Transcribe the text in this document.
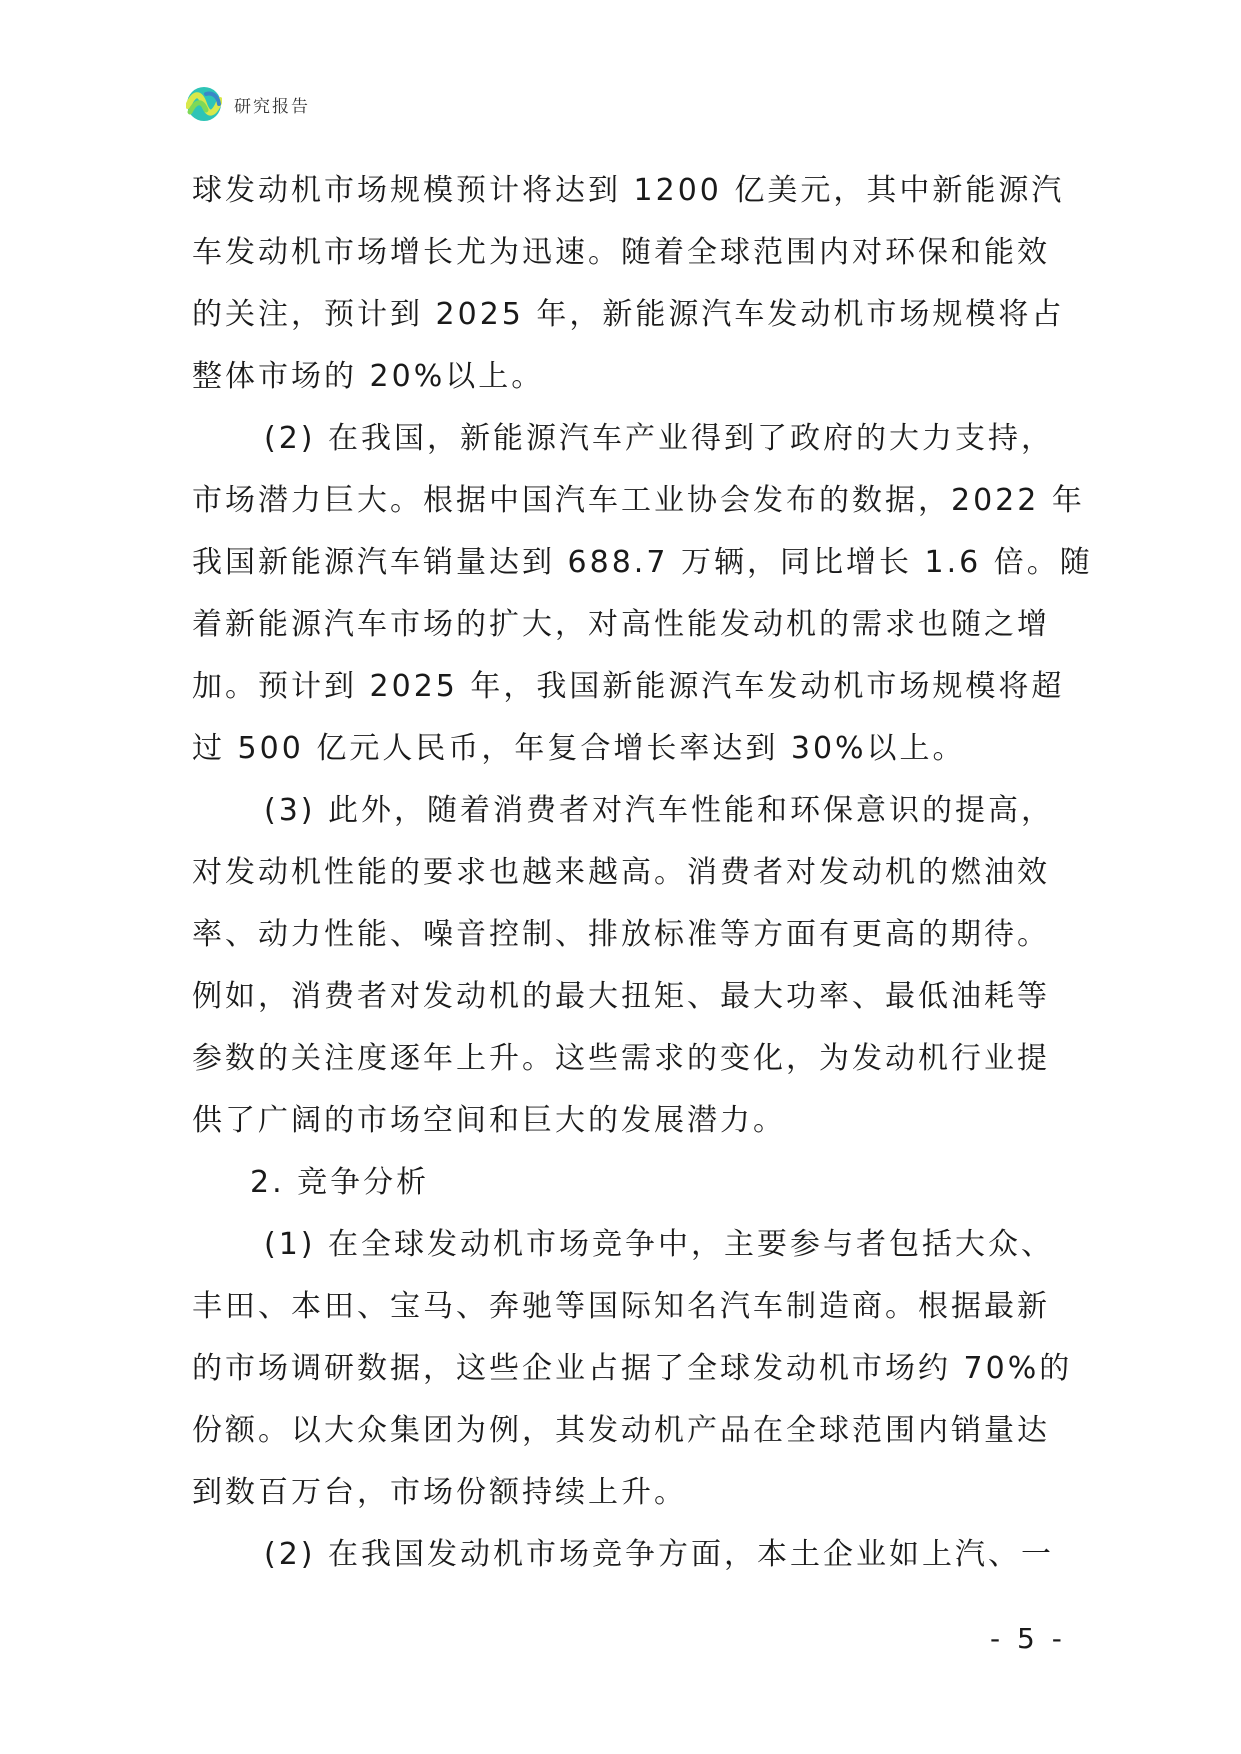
研究报告
球发动机市场规模预计将达到 1200 亿美元，其中新能源汽
车发动机市场增长尤为迅速。随着全球范围内对环保和能效
的关注，预计到 2025 年，新能源汽车发动机市场规模将占
整体市场的 20%以上。
(2) 在我国，新能源汽车产业得到了政府的大力支持，
市场潜力巨大。根据中国汽车工业协会发布的数据，2022 年
我国新能源汽车销量达到 688.7 万辆，同比增长 1.6 倍。随
着新能源汽车市场的扩大，对高性能发动机的需求也随之增
加。预计到 2025 年，我国新能源汽车发动机市场规模将超
过 500 亿元人民币，年复合增长率达到 30%以上。
(3) 此外，随着消费者对汽车性能和环保意识的提高，
对发动机性能的要求也越来越高。消费者对发动机的燃油效
率、动力性能、噪音控制、排放标准等方面有更高的期待。
例如，消费者对发动机的最大扭矩、最大功率、最低油耗等
参数的关注度逐年上升。这些需求的变化，为发动机行业提
供了广阔的市场空间和巨大的发展潜力。
2. 竞争分析
(1) 在全球发动机市场竞争中，主要参与者包括大众、
丰田、本田、宝马、奔驰等国际知名汽车制造商。根据最新
的市场调研数据，这些企业占据了全球发动机市场约 70%的
份额。以大众集团为例，其发动机产品在全球范围内销量达
到数百万台，市场份额持续上升。
(2) 在我国发动机市场竞争方面，本土企业如上汽、一
- 5 -
